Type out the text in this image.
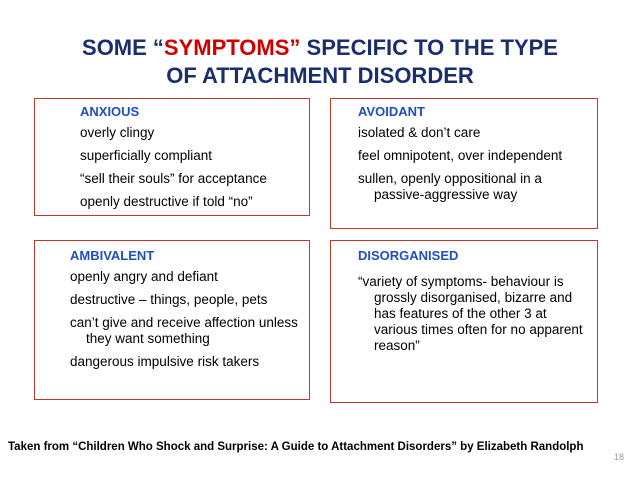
SOME “SYMPTOMS” SPECIFIC TO THE TYPE
OF ATTACHMENT DISORDER
ANXIOUS
overly clingy
superficially compliant
“sell their souls” for acceptance
openly destructive if told “no”
AVOIDANT
isolated & don’t care
feel omnipotent, over independent
sullen, openly oppositional in a passive-aggressive way
AMBIVALENT
openly angry and defiant
destructive – things, people, pets
can’t give and receive affection unless they want something
dangerous impulsive risk takers
DISORGANISED
“variety of symptoms- behaviour is grossly disorganised, bizarre and has features of the other 3 at various times often for no apparent reason”
Taken from “Children Who Shock and Surprise: A Guide to Attachment Disorders” by Elizabeth Randolph
18
